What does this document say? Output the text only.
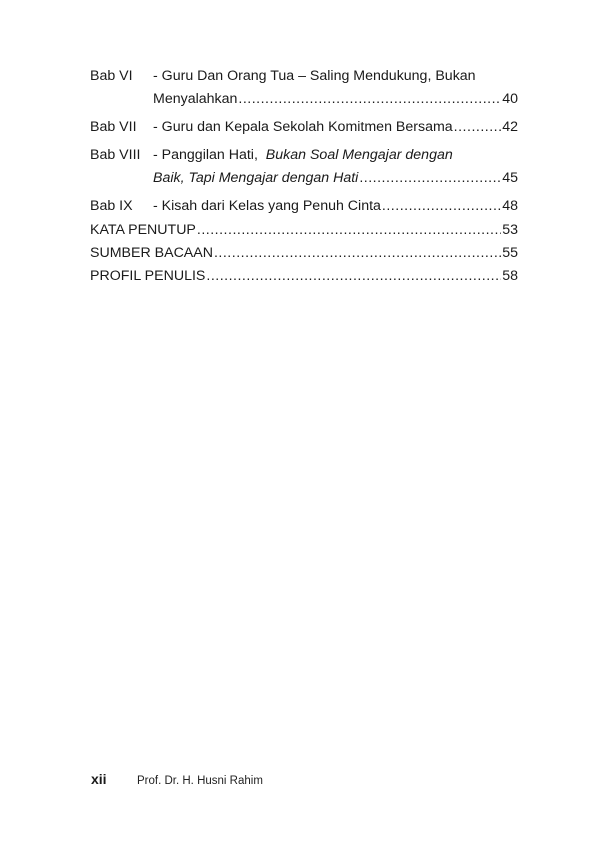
Bab VI	- Guru Dan Orang Tua – Saling Mendukung, Bukan
Menyalahkan .....	40
Bab VII	- Guru dan Kepala Sekolah Komitmen Bersama .....	42
Bab VIII - Panggilan Hati,  Bukan Soal Mengajar dengan
Baik, Tapi Mengajar dengan Hati .....	45
Bab IX	- Kisah dari Kelas yang Penuh Cinta .....	48
KATA PENUTUP .....	53
SUMBER BACAAN .....	55
PROFIL PENULIS .....	58
xii	Prof. Dr. H. Husni Rahim
